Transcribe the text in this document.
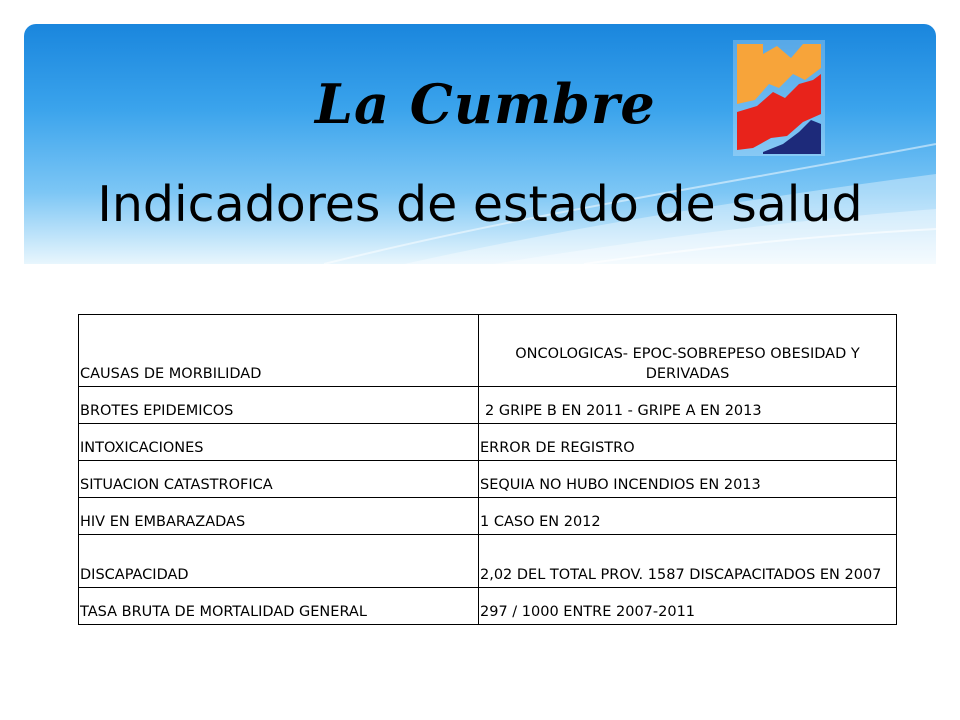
La Cumbre
Indicadores de estado de salud
CAUSAS DE MORBILIDAD	ONCOLOGICAS- EPOC-SOBREPESO OBESIDAD Y DERIVADAS
BROTES EPIDEMICOS	2 GRIPE B EN 2011 - GRIPE A EN 2013
INTOXICACIONES	ERROR DE REGISTRO
SITUACION CATASTROFICA	SEQUIA NO HUBO INCENDIOS EN 2013
HIV EN EMBARAZADAS	1 CASO EN 2012
DISCAPACIDAD	2,02 DEL TOTAL PROV. 1587 DISCAPACITADOS EN 2007
TASA BRUTA DE MORTALIDAD GENERAL	297 / 1000 ENTRE 2007-2011
